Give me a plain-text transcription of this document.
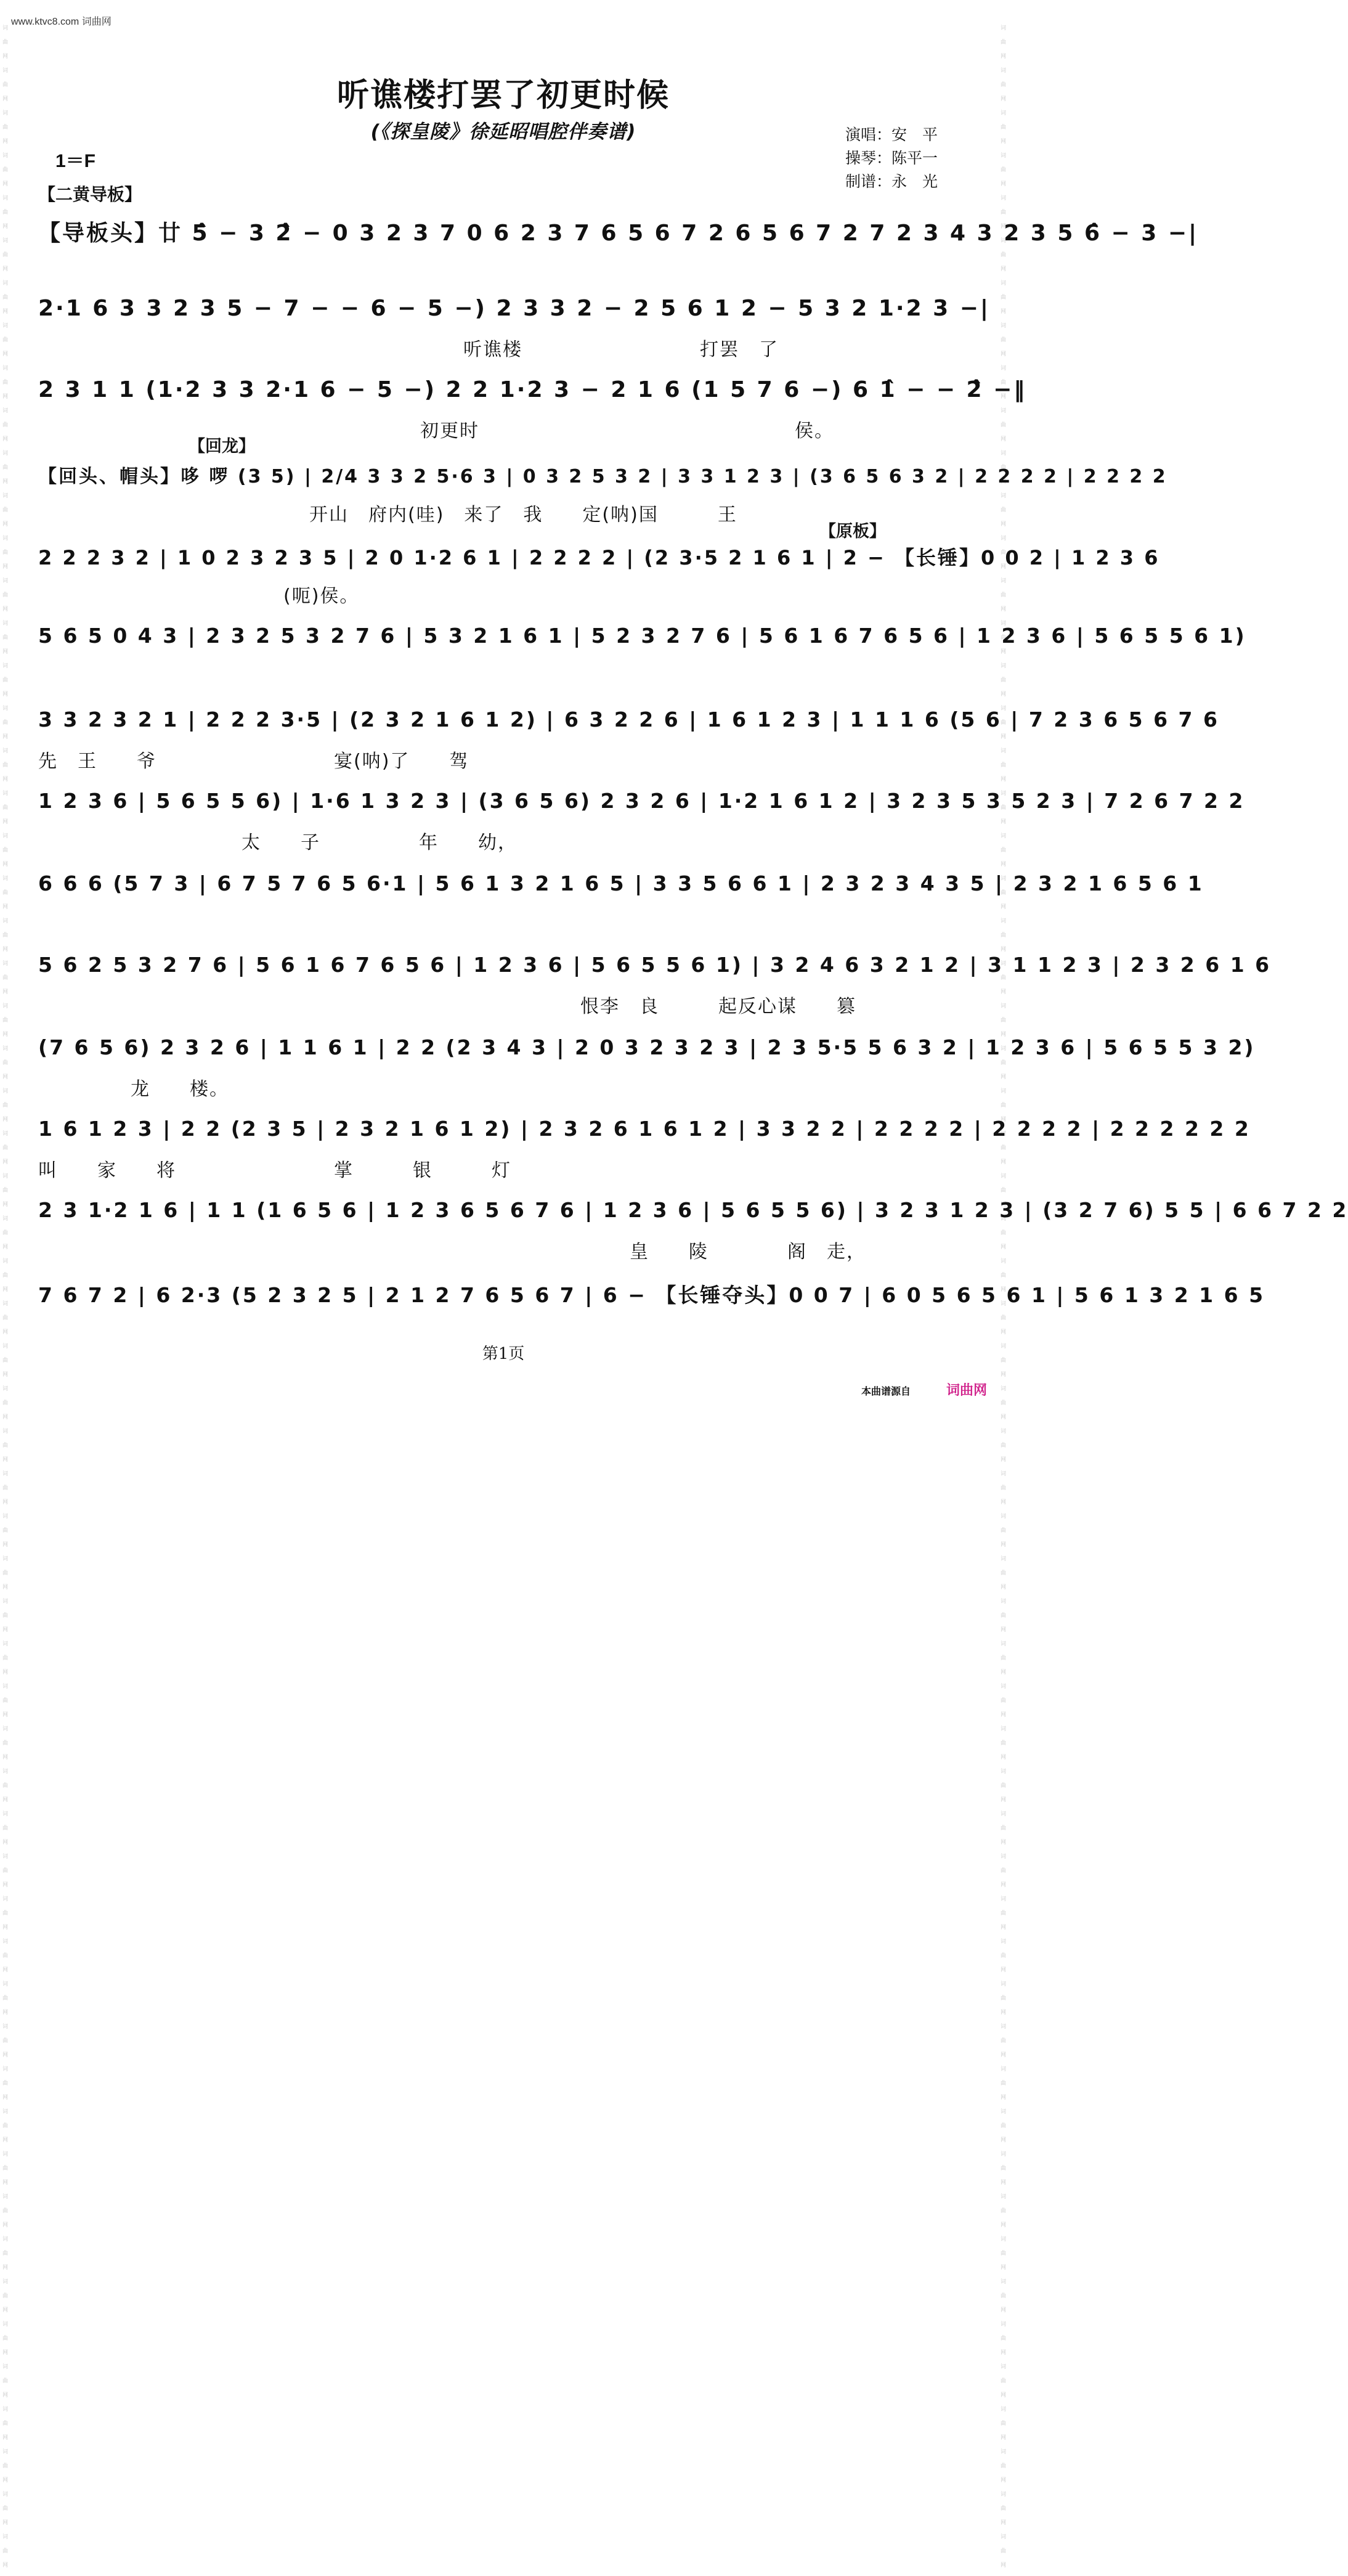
www.ktvc8.com 词曲网
词曲网词曲网词曲网词曲网词曲网词曲网词曲网词曲网词曲网词曲网词曲网词曲网词曲网词曲网词曲网词曲网词曲网词曲网词曲网词曲网词曲网词曲网词曲网词曲网词曲网词曲网词曲网词曲网词曲网词曲网词曲网词曲网词曲网词曲网词曲网词曲网词曲网词曲网词曲网词曲网词曲网词曲网词曲网词曲网词曲网词曲网词曲网词曲网词曲网词曲网词曲网词曲网词曲网词曲网词曲网词曲网词曲网词曲网词曲网词曲网	词曲网词曲网词曲网词曲网词曲网词曲网词曲网词曲网词曲网词曲网词曲网词曲网词曲网词曲网词曲网词曲网词曲网词曲网词曲网词曲网词曲网词曲网词曲网词曲网词曲网词曲网词曲网词曲网词曲网词曲网词曲网词曲网词曲网词曲网词曲网词曲网词曲网词曲网词曲网词曲网词曲网词曲网词曲网词曲网词曲网词曲网词曲网词曲网词曲网词曲网词曲网词曲网词曲网词曲网词曲网词曲网词曲网词曲网词曲网词曲网
听谯楼打罢了初更时候
(《探皇陵》徐延昭唱腔伴奏谱)
1＝F
演唱：安　平
操琴：陈平一
制谱：永　光
【二黄导板】
【回龙】
【原板】
【导板头】廿 5̂ − 3 2̂ − 0 3 2 3 7 0 6 2 3 7 6 5 6 7 2 6 5 6 7 2 7 2 3 4 3 2 3 5 6̂ − 3 −|
2·1 6 3 3 2 3 5 − 7 − − 6 − 5 −) 2 3 3 2 − 2 5 6 1 2 − 5 3 2 1·2 3 −|
听谯楼　　　　　　　　　打罢　了
2 3 1 1 (1·2 3 3 2·1 6 − 5 −) 2 2 1·2 3 − 2 1 6 (1 5 7 6 −) 6 1̂ − − 2̂ −‖
初更时　　　　　　　　　　　　　　　　侯。
【回头、帽头】哆 啰 (3 5) | 2/4 3 3 2 5·6 3 | 0 3 2 5 3 2 | 3 3 1 2 3 | (3 6 5 6 3 2 | 2 2 2 2 | 2 2 2 2
开山　府内(哇)　来了　我　　定(呐)国　　　王
2 2 2 3 2 | 1 0 2 3 2 3 5 | 2 0 1·2 6 1 | 2 2 2 2 | (2 3·5 2 1 6 1 | 2 − 【长锤】0 0 2 | 1 2 3 6
(呃)侯。
5 6 5 0 4 3 | 2 3 2 5 3 2 7 6 | 5 3 2 1 6 1 | 5 2 3 2 7 6 | 5 6 1 6 7 6 5 6 | 1 2 3 6 | 5 6 5 5 6 1)
3 3 2 3 2 1 | 2 2 2 3·5 | (2 3 2 1 6 1 2) | 6 3 2 2 6 | 1 6 1 2 3 | 1 1 1 6 (5 6 | 7 2 3 6 5 6 7 6
先　王　　爷　　　　　　　　　宴(呐)了　　驾
1 2 3 6 | 5 6 5 5 6) | 1·6 1 3 2 3 | (3 6 5 6) 2 3 2 6 | 1·2 1 6 1 2 | 3 2 3 5 3 5 2 3 | 7 2 6 7 2 2
太　　子　　　　　年　　幼，
6 6 6 (5 7 3 | 6 7 5 7 6 5 6·1 | 5 6 1 3 2 1 6 5 | 3 3 5 6 6 1 | 2 3 2 3 4 3 5 | 2 3 2 1 6 5 6 1
5 6 2 5 3 2 7 6 | 5 6 1 6 7 6 5 6 | 1 2 3 6 | 5 6 5 5 6 1) | 3 2 4 6 3 2 1 2 | 3 1 1 2 3 | 2 3 2 6 1 6
恨李　良　　　起反心谋　　篡
(7 6 5 6) 2 3 2 6 | 1 1 6 1 | 2 2 (2 3 4 3 | 2 0 3 2 3 2 3 | 2 3 5·5 5 6 3 2 | 1 2 3 6 | 5 6 5 5 3 2)
龙　　楼。
1 6 1 2 3 | 2 2 (2 3 5 | 2 3 2 1 6 1 2) | 2 3 2 6 1 6 1 2 | 3 3 2 2 | 2 2 2 2 | 2 2 2 2 | 2 2 2 2 2 2
叫　　家　　将　　　　　　　　掌　　　银　　　灯
2 3 1·2 1 6 | 1 1 (1 6 5 6 | 1 2 3 6 5 6 7 6 | 1 2 3 6 | 5 6 5 5 6) | 3 2 3 1 2 3 | (3 2 7 6) 5 5 | 6 6 7 2 2
皇　　陵　　　　阁　走，
7 6 7 2 | 6 2·3 (5 2 3 2 5 | 2 1 2 7 6 5 6 7 | 6 − 【长锤夺头】0 0 7 | 6 0 5 6 5 6 1 | 5 6 1 3 2 1 6 5
第1页
本曲谱源自	词曲网
